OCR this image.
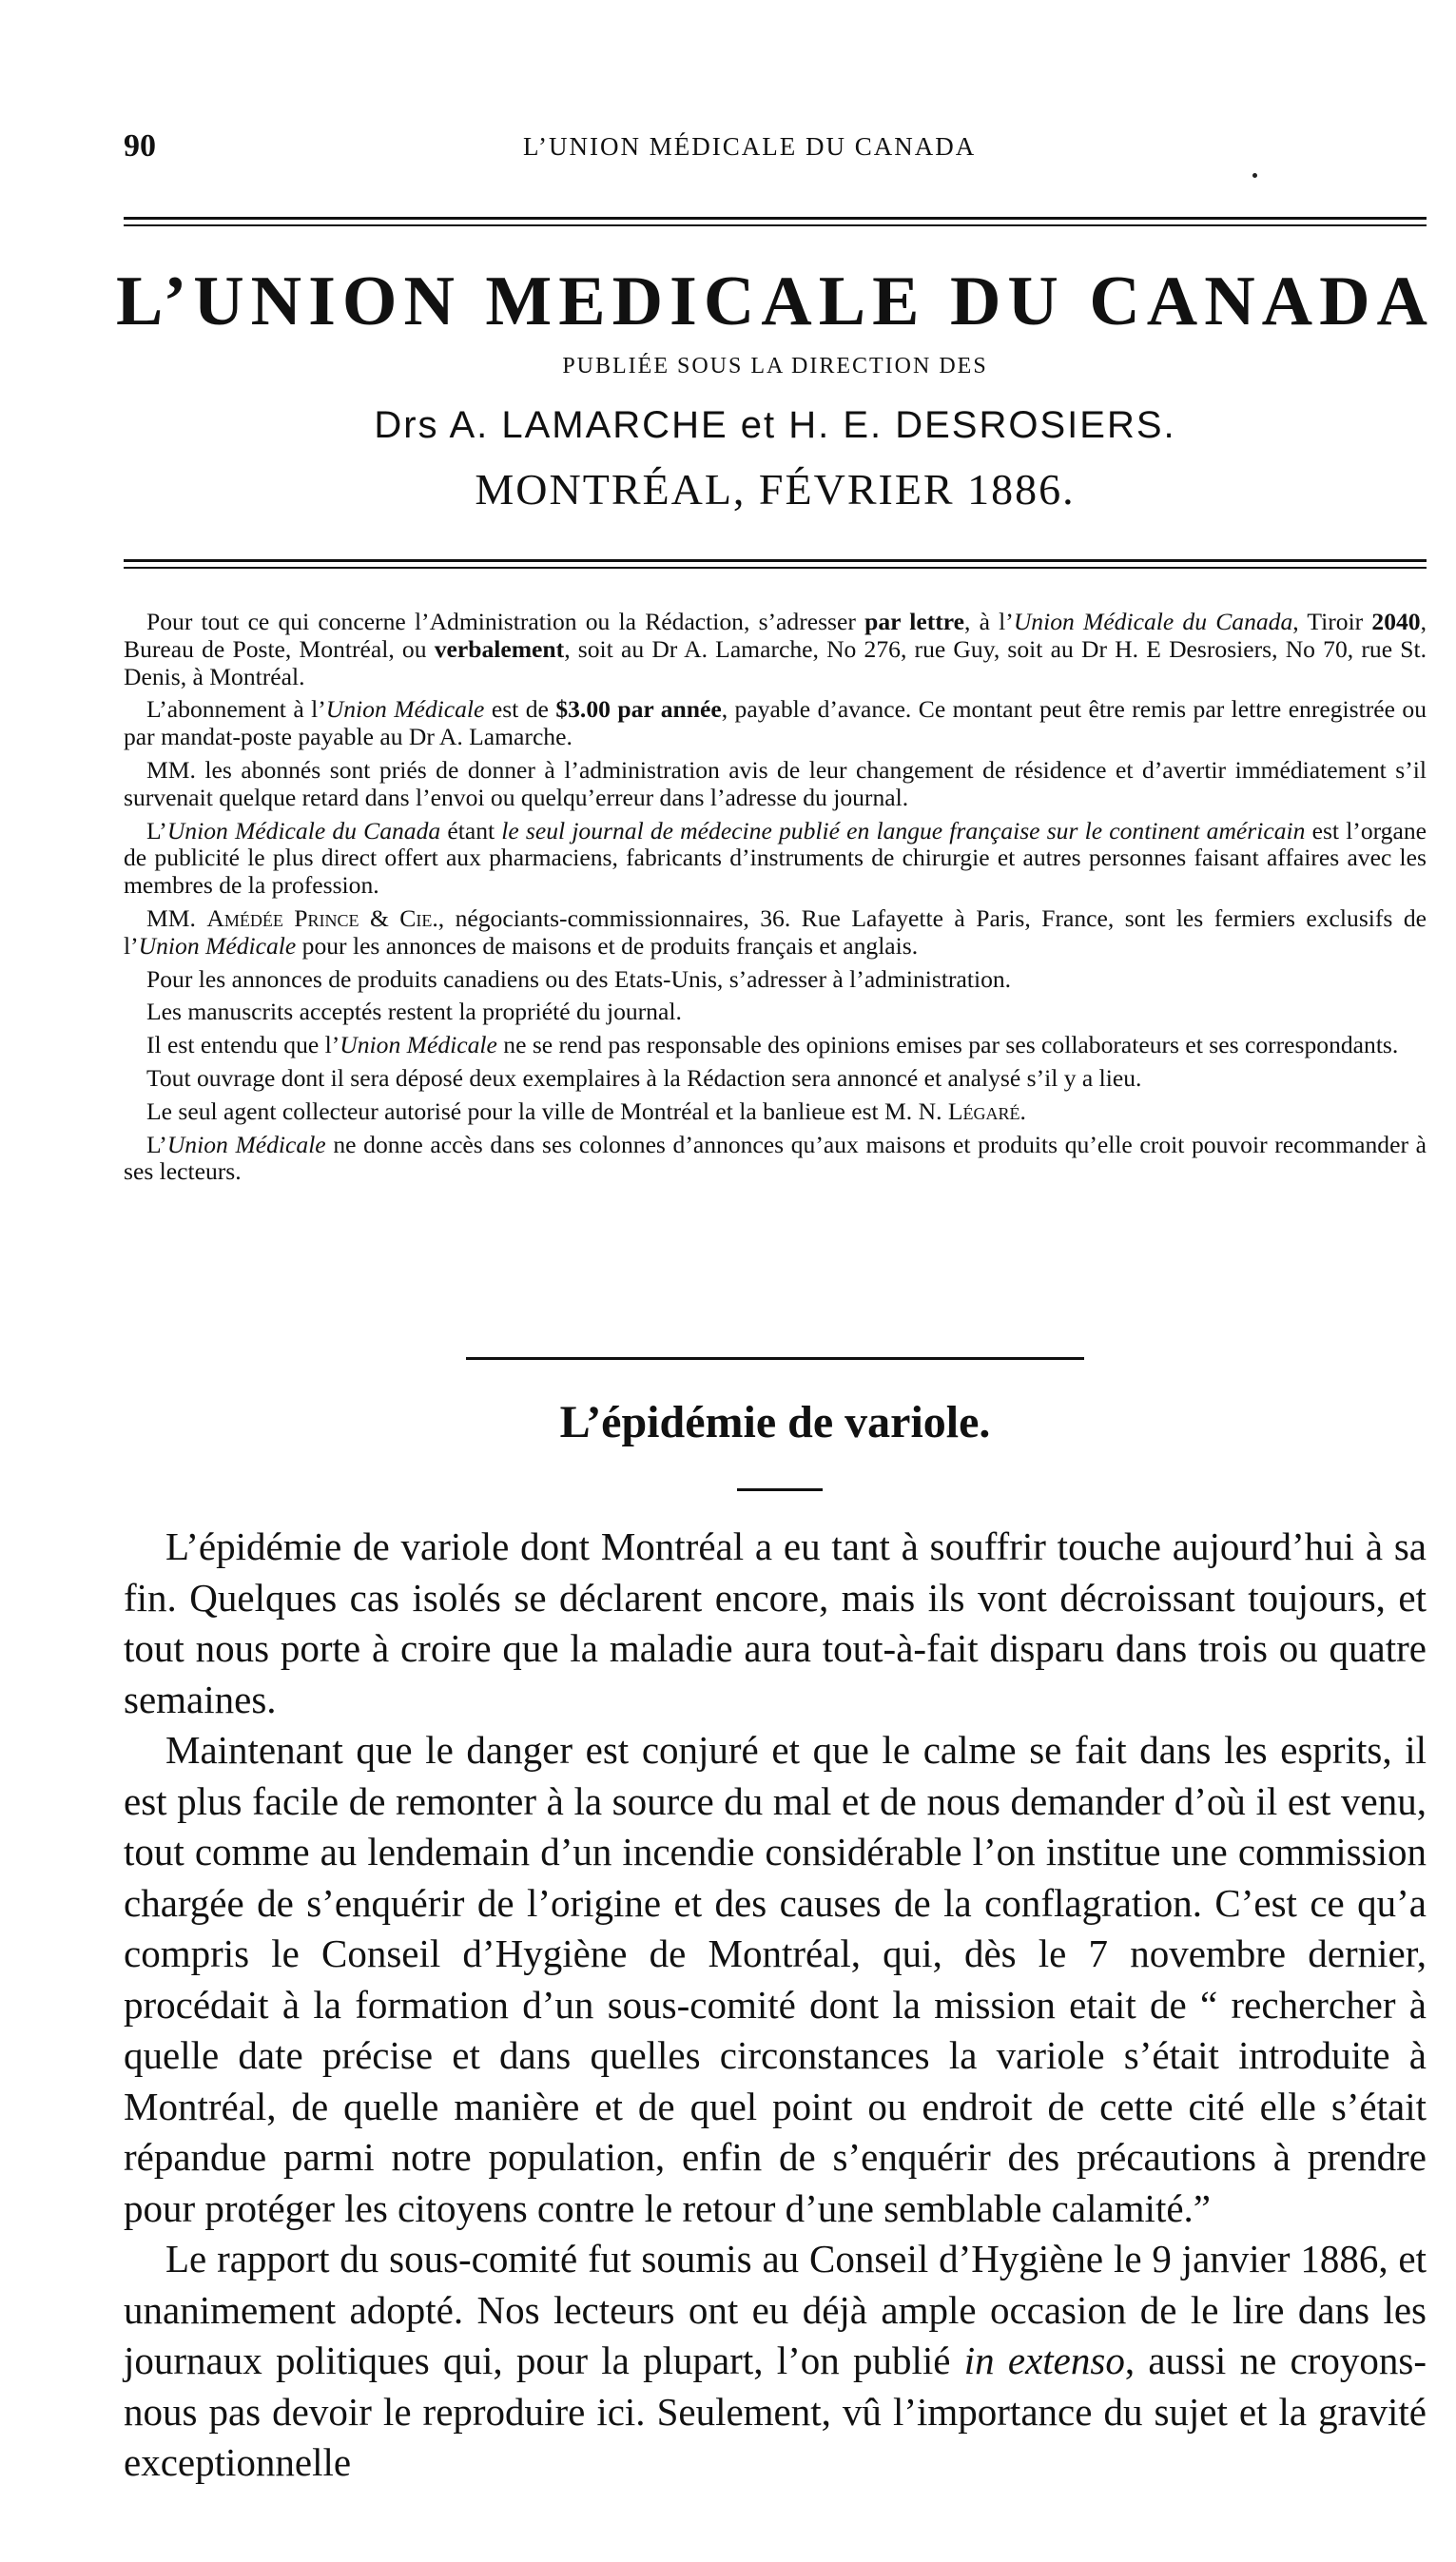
90	L’UNION MÉDICALE DU CANADA
L’UNION MEDICALE DU CANADA
PUBLIÉE SOUS LA DIRECTION DES
Drs A. LAMARCHE et H. E. DESROSIERS.
MONTRÉAL, FÉVRIER 1886.

Pour tout ce qui concerne l’Administration ou la Rédaction, s’adresser par lettre, à l’Union Médicale du Canada, Tiroir 2040, Bureau de Poste, Montréal, ou verbalement, soit au Dr A. Lamarche, No 276, rue Guy, soit au Dr H. E Desrosiers, No 70, rue St. Denis, à Montréal.

L’abonnement à l’Union Médicale est de $3.00 par année, payable d’avance. Ce montant peut être remis par lettre enregistrée ou par mandat-poste payable au Dr A. Lamarche.

MM. les abonnés sont priés de donner à l’administration avis de leur changement de résidence et d’avertir immédiatement s’il survenait quelque retard dans l’envoi ou quelqu’erreur dans l’adresse du journal.

L’Union Médicale du Canada étant le seul journal de médecine publié en langue française sur le continent américain est l’organe de publicité le plus direct offert aux pharmaciens, fabricants d’instruments de chirurgie et autres personnes faisant affaires avec les membres de la profession.

MM. Amédée Prince & Cie., négociants-commissionnaires, 36. Rue Lafayette à Paris, France, sont les fermiers exclusifs de l’Union Médicale pour les annonces de maisons et de produits français et anglais.

Pour les annonces de produits canadiens ou des Etats-Unis, s’adresser à l’administration.

Les manuscrits acceptés restent la propriété du journal.

Il est entendu que l’Union Médicale ne se rend pas responsable des opinions emises par ses collaborateurs et ses correspondants.

Tout ouvrage dont il sera déposé deux exemplaires à la Rédaction sera annoncé et analysé s’il y a lieu.

Le seul agent collecteur autorisé pour la ville de Montréal et la banlieue est M. N. Légaré.

L’Union Médicale ne donne accès dans ses colonnes d’annonces qu’aux maisons et produits qu’elle croit pouvoir recommander à ses lecteurs.

L’épidémie de variole.

L’épidémie de variole dont Montréal a eu tant à souffrir touche aujourd’hui à sa fin. Quelques cas isolés se déclarent encore, mais ils vont décroissant toujours, et tout nous porte à croire que la maladie aura tout-à-fait disparu dans trois ou quatre semaines.

Maintenant que le danger est conjuré et que le calme se fait dans les esprits, il est plus facile de remonter à la source du mal et de nous demander d’où il est venu, tout comme au lendemain d’un incendie considérable l’on institue une commission chargée de s’enquérir de l’origine et des causes de la conflagration. C’est ce qu’a compris le Conseil d’Hygiène de Montréal, qui, dès le 7 novembre dernier, procédait à la formation d’un sous-comité dont la mission etait de “ rechercher à quelle date précise et dans quelles circonstances la variole s’était introduite à Montréal, de quelle manière et de quel point ou endroit de cette cité elle s’était répandue parmi notre population, enfin de s’enquérir des précautions à prendre pour protéger les citoyens contre le retour d’une semblable calamité.”

Le rapport du sous-comité fut soumis au Conseil d’Hygiène le 9 janvier 1886, et unanimement adopté. Nos lecteurs ont eu déjà ample occasion de le lire dans les journaux politiques qui, pour la plupart, l’on publié in extenso, aussi ne croyons-nous pas devoir le reproduire ici. Seulement, vû l’importance du sujet et la gravité exceptionnelle
